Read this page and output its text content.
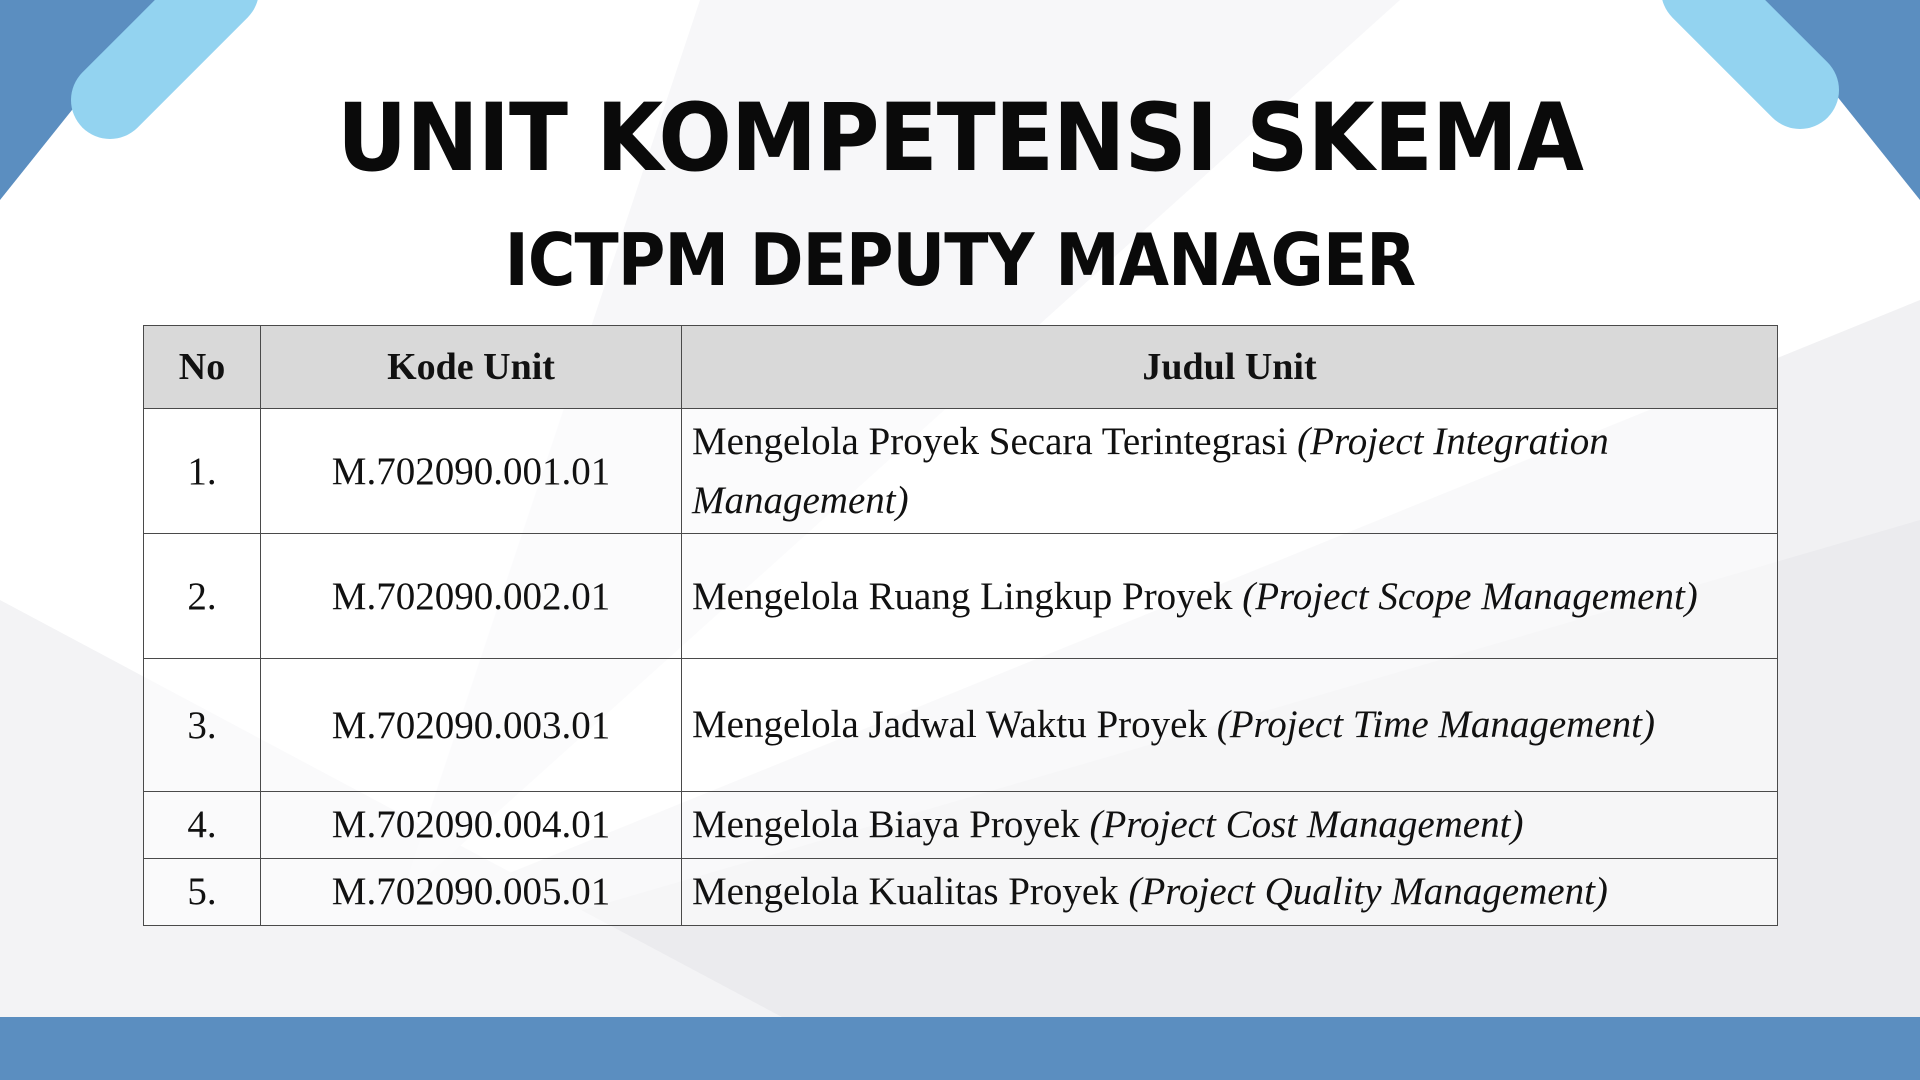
UNIT KOMPETENSI SKEMA
ICTPM DEPUTY MANAGER
No	Kode Unit	Judul Unit
1.	M.702090.001.01	Mengelola Proyek Secara Terintegrasi (Project Integration Management)
2.	M.702090.002.01	Mengelola Ruang Lingkup Proyek (Project Scope Management)
3.	M.702090.003.01	Mengelola Jadwal Waktu Proyek (Project Time Management)
4.	M.702090.004.01	Mengelola Biaya Proyek (Project Cost Management)
5.	M.702090.005.01	Mengelola Kualitas Proyek (Project Quality Management)
